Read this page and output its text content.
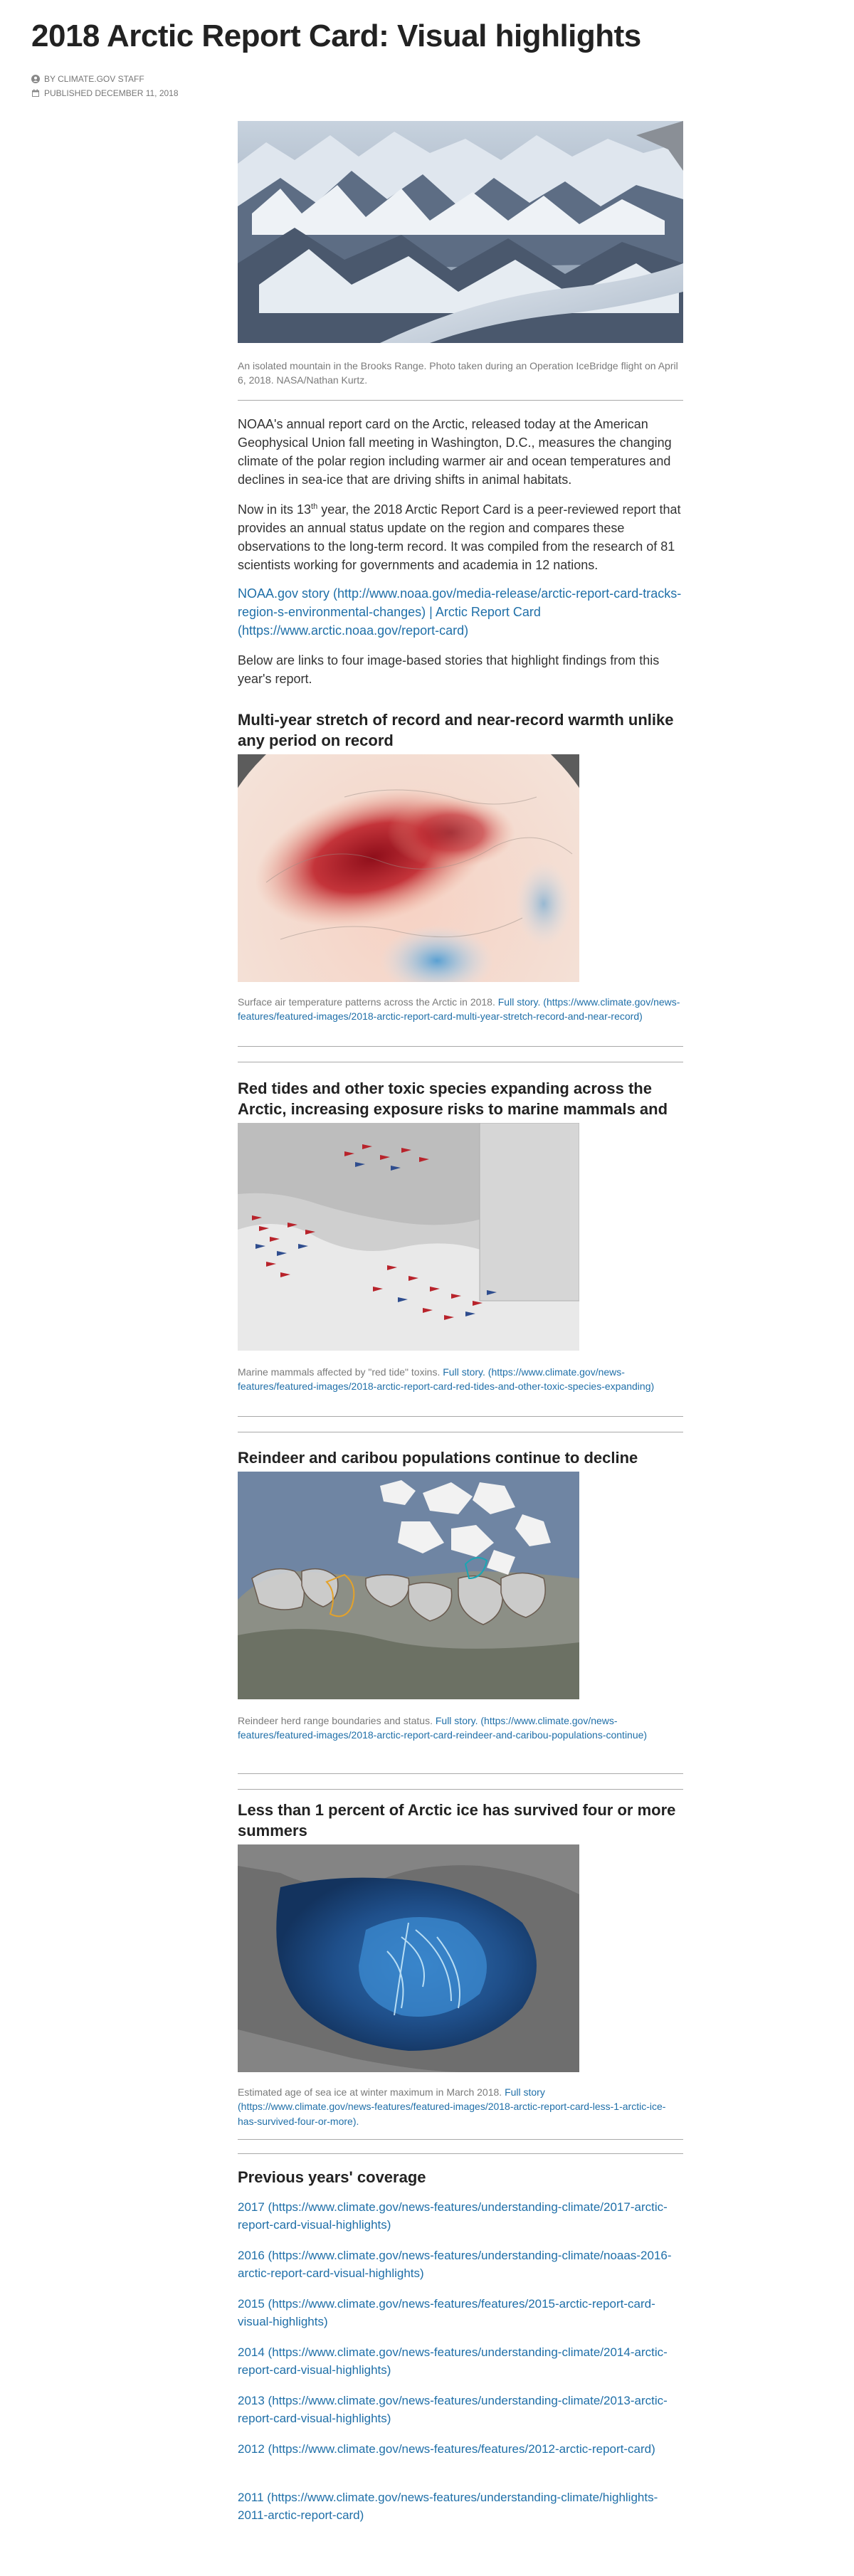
2018 Arctic Report Card: Visual highlights
BY CLIMATE.GOV STAFF
PUBLISHED DECEMBER 11, 2018
An isolated mountain in the Brooks Range. Photo taken during an Operation IceBridge flight on April 6, 2018. NASA/Nathan Kurtz.

NOAA's annual report card on the Arctic, released today at the American Geophysical Union fall meeting in Washington, D.C., measures the changing climate of the polar region including warmer air and ocean temperatures and declines in sea-ice that are driving shifts in animal habitats.

Now in its 13th year, the 2018 Arctic Report Card is a peer-reviewed report that provides an annual status update on the region and compares these observations to the long-term record. It was compiled from the research of 81 scientists working for governments and academia in 12 nations.

NOAA.gov story (http://www.noaa.gov/media-release/arctic-report-card-tracks-region-s-environmental-changes) | Arctic Report Card (https://www.arctic.noaa.gov/report-card)

Below are links to four image-based stories that highlight findings from this year's report.

Multi-year stretch of record and near-record warmth unlike any period on record
Surface air temperature patterns across the Arctic in 2018. Full story. (https://www.climate.gov/news-features/featured-images/2018-arctic-report-card-multi-year-stretch-record-and-near-record)
Red tides and other toxic species expanding across the Arctic, increasing exposure risks to marine mammals and
Marine mammals affected by "red tide" toxins. Full story. (https://www.climate.gov/news-features/featured-images/2018-arctic-report-card-red-tides-and-other-toxic-species-expanding)
Reindeer and caribou populations continue to decline
Reindeer herd range boundaries and status. Full story. (https://www.climate.gov/news-features/featured-images/2018-arctic-report-card-reindeer-and-caribou-populations-continue)
Less than 1 percent of Arctic ice has survived four or more summers
Estimated age of sea ice at winter maximum in March 2018. Full story (https://www.climate.gov/news-features/featured-images/2018-arctic-report-card-less-1-arctic-ice-has-survived-four-or-more).
Previous years' coverage
2017 (https://www.climate.gov/news-features/understanding-climate/2017-arctic-report-card-visual-highlights)
2016 (https://www.climate.gov/news-features/understanding-climate/noaas-2016-arctic-report-card-visual-highlights)
2015 (https://www.climate.gov/news-features/features/2015-arctic-report-card-visual-highlights)
2014 (https://www.climate.gov/news-features/understanding-climate/2014-arctic-report-card-visual-highlights)
2013 (https://www.climate.gov/news-features/understanding-climate/2013-arctic-report-card-visual-highlights)
2012 (https://www.climate.gov/news-features/features/2012-arctic-report-card)
2011 (https://www.climate.gov/news-features/understanding-climate/highlights-2011-arctic-report-card)
